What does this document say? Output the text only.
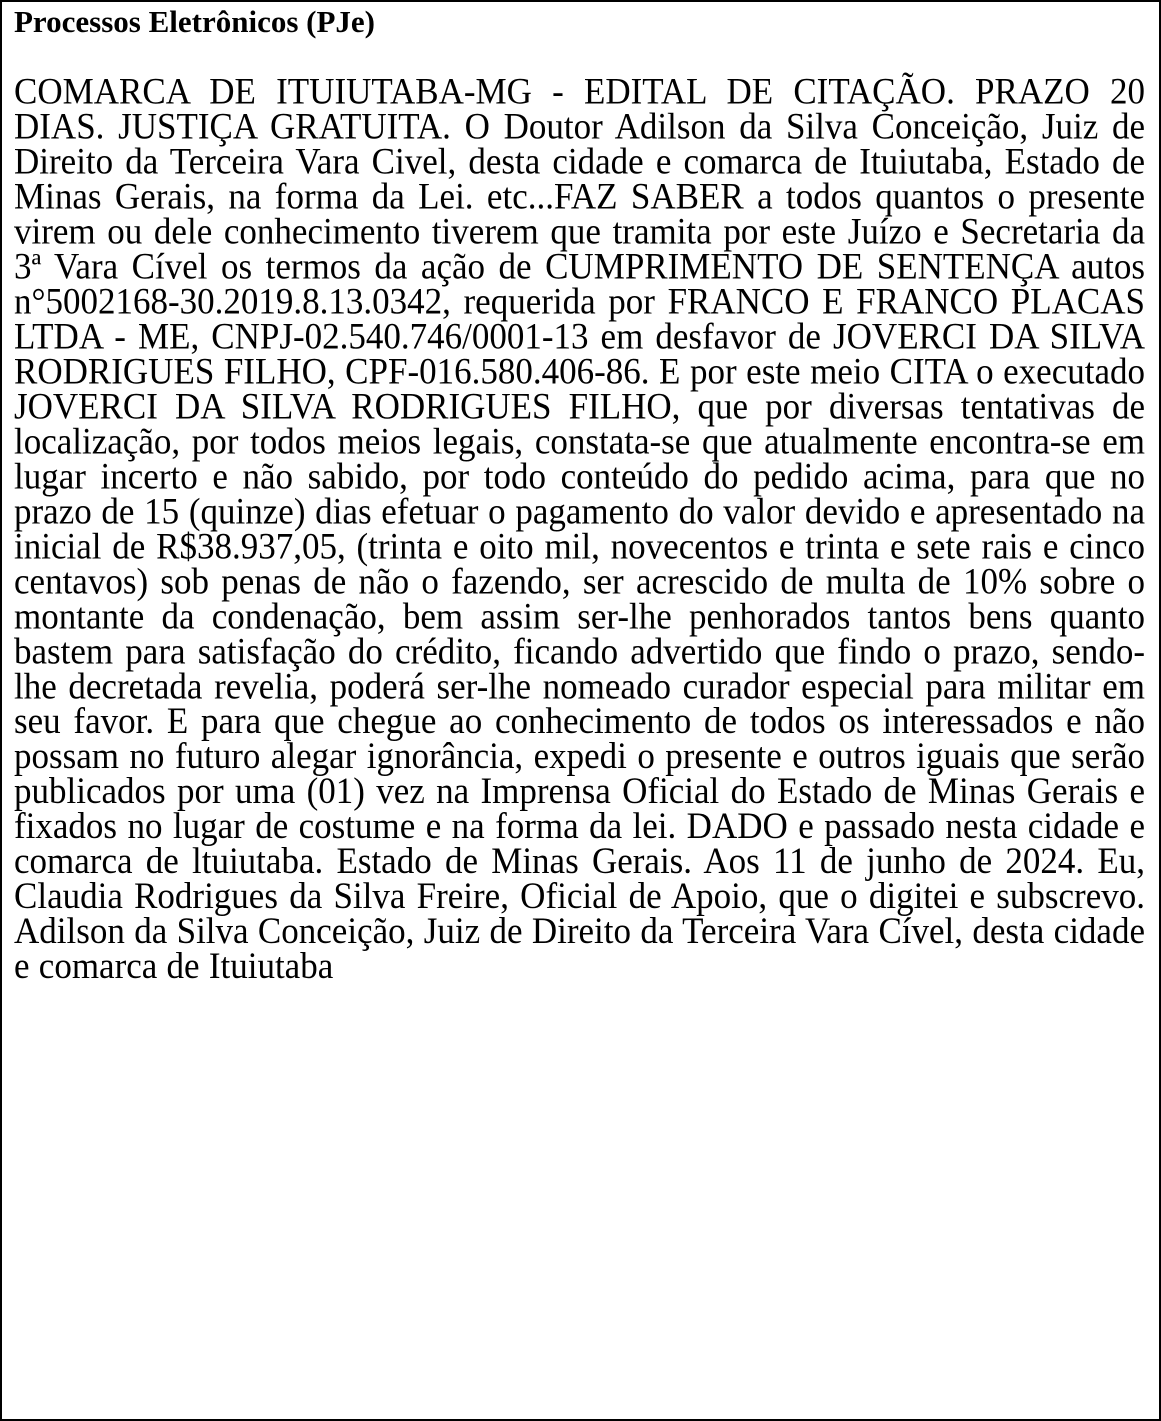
Processos Eletrônicos (PJe)

COMARCA DE ITUIUTABA-MG - EDITAL DE CITAÇÃO. PRAZO 20 DIAS. JUSTIÇA GRATUITA. O Doutor Adilson da Silva Conceição, Juiz de Direito da Terceira Vara Civel, desta cidade e comarca de Ituiutaba, Estado de Minas Gerais, na forma da Lei. etc...FAZ SABER a todos quantos o presente virem ou dele conhecimento tiverem que tramita por este Juízo e Secretaria da 3ª Vara Cível os termos da ação de CUMPRIMENTO DE SENTENÇA autos n°5002168-30.2019.8.13.0342, requerida por FRANCO E FRANCO PLACAS LTDA - ME, CNPJ-02.540.746/0001-13 em desfavor de JOVERCI DA SILVA RODRIGUES FILHO, CPF-016.580.406-86. E por este meio CITA o executado JOVERCI DA SILVA RODRIGUES FILHO, que por diversas tentativas de localização, por todos meios legais, constata-se que atualmente encontra-se em lugar incerto e não sabido, por todo conteúdo do pedido acima, para que no prazo de 15 (quinze) dias efetuar o pagamento do valor devido e apresentado na inicial de R$38.937,05, (trinta e oito mil, novecentos e trinta e sete rais e cinco centavos) sob penas de não o fazendo, ser acrescido de multa de 10% sobre o montante da condenação, bem assim ser-lhe penhorados tantos bens quanto bastem para satisfação do crédito, ficando advertido que findo o prazo, sendo-lhe decretada revelia, poderá ser-lhe nomeado curador especial para militar em seu favor. E para que chegue ao conhecimento de todos os interessados e não possam no futuro alegar ignorância, expedi o presente e outros iguais que serão publicados por uma (01) vez na Imprensa Oficial do Estado de Minas Gerais e fixados no lugar de costume e na forma da lei. DADO e passado nesta cidade e comarca de ltuiutaba. Estado de Minas Gerais. Aos 11 de junho de 2024. Eu, Claudia Rodrigues da Silva Freire, Oficial de Apoio, que o digitei e subscrevo. Adilson da Silva Conceição, Juiz de Direito da Terceira Vara Cível, desta cidade e comarca de Ituiutaba
